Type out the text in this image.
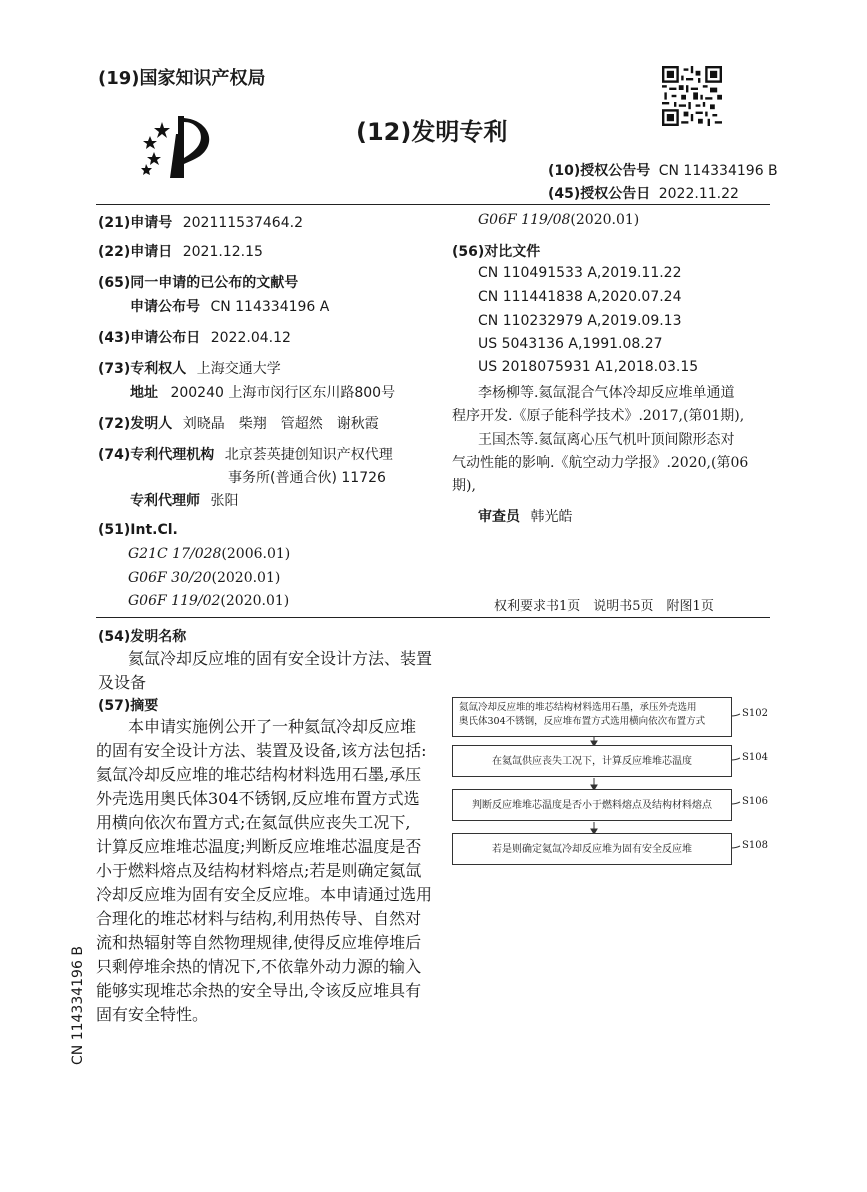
(19)国家知识产权局
(12)发明专利
(10)授权公告号 CN 114334196 B
(45)授权公告日 2022.11.22
(21)申请号 202111537464.2
(22)申请日 2021.12.15
(65)同一申请的已公布的文献号
申请公布号 CN 114334196 A
(43)申请公布日 2022.04.12
(73)专利权人 上海交通大学
地址 200240 上海市闵行区东川路800号
(72)发明人 刘晓晶　柴翔　管超然　谢秋霞
(74)专利代理机构 北京荟英捷创知识产权代理
事务所(普通合伙) 11726
专利代理师 张阳
(51)Int.Cl.
G21C 17/028(2006.01)
G06F 30/20(2020.01)
G06F 119/02(2020.01)
G06F 119/08(2020.01)
(56)对比文件
CN 110491533 A,2019.11.22
CN 111441838 A,2020.07.24
CN 110232979 A,2019.09.13
US 5043136 A,1991.08.27
US 2018075931 A1,2018.03.15
李杨柳等.氦氙混合气体冷却反应堆单通道
程序开发.《原子能科学技术》.2017,(第01期),
王国杰等.氦氙离心压气机叶顶间隙形态对
气动性能的影响.《航空动力学报》.2020,(第06
期),
审查员 韩光皓
权利要求书1页　说明书5页　附图1页
(54)发明名称
氦氙冷却反应堆的固有安全设计方法、装置
及设备
(57)摘要
本申请实施例公开了一种氦氙冷却反应堆
的固有安全设计方法、装置及设备,该方法包括:
氦氙冷却反应堆的堆芯结构材料选用石墨,承压
外壳选用奥氏体304不锈钢,反应堆布置方式选
用横向依次布置方式;在氦氙供应丧失工况下,
计算反应堆堆芯温度;判断反应堆堆芯温度是否
小于燃料熔点及结构材料熔点;若是则确定氦氙
冷却反应堆为固有安全反应堆。本申请通过选用
合理化的堆芯材料与结构,利用热传导、自然对
流和热辐射等自然物理规律,使得反应堆停堆后
只剩停堆余热的情况下,不依靠外动力源的输入
能够实现堆芯余热的安全导出,令该反应堆具有
固有安全特性。
氦氙冷却反应堆的堆芯结构材料选用石墨，承压外壳选用
奥氏体304不锈钢，反应堆布置方式选用横向依次布置方式
S102
在氦氙供应丧失工况下，计算反应堆堆芯温度	S104
判断反应堆堆芯温度是否小于燃料熔点及结构材料熔点	S106
若是则确定氦氙冷却反应堆为固有安全反应堆	S108
CN 114334196 B
